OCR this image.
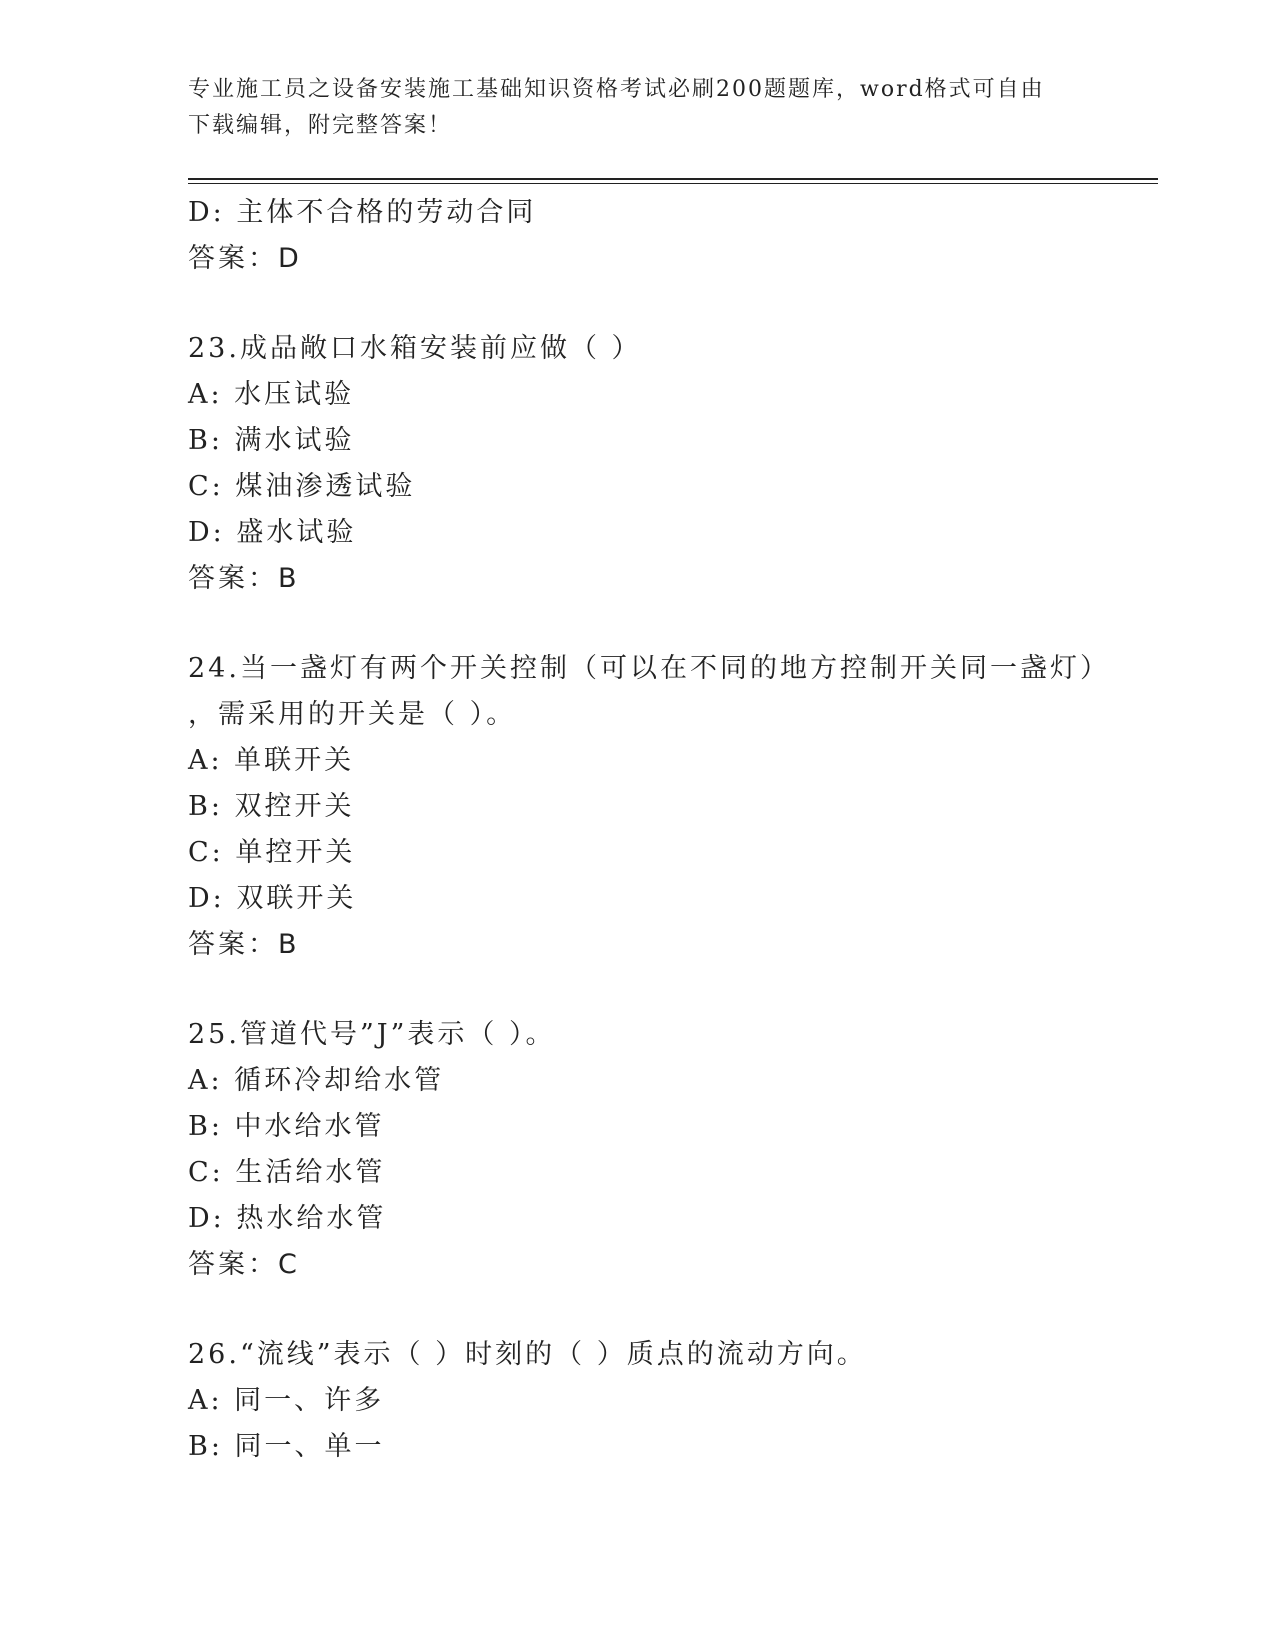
专业施工员之设备安装施工基础知识资格考试必刷200题题库，word格式可自由
下载编辑，附完整答案！
D: 主体不合格的劳动合同
答案：D
23.成品敞口水箱安装前应做（ ）
A: 水压试验
B: 满水试验
C: 煤油渗透试验
D: 盛水试验
答案：B
24.当一盏灯有两个开关控制（可以在不同的地方控制开关同一盏灯）
，需采用的开关是（ ）。
A: 单联开关
B: 双控开关
C: 单控开关
D: 双联开关
答案：B
25.管道代号”J”表示（ ）。
A: 循环冷却给水管
B: 中水给水管
C: 生活给水管
D: 热水给水管
答案：C
26.“流线”表示（ ）时刻的（ ）质点的流动方向。
A: 同一、许多
B: 同一、单一
